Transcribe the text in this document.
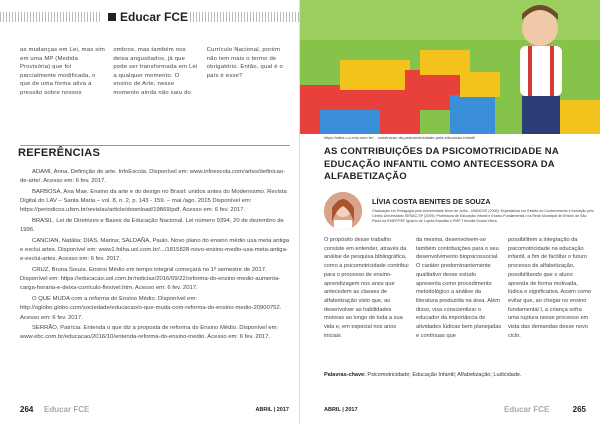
Educar FCE
as mudanças em Lei, mas sim em uma MP (Medida Provisória) que foi parcialmente modificada, o que de uma forma ativa a pressão sobre nossos
ombros, mas também nos deixa angustiados, já que pode ser transformada em Lei a qualquer momento. O ensino de Arte, nesse momento ainda não saiu do
Currículo Nacional, porém não tem mais o termo de obrigatório. Então, qual é o país é esse?
REFERÊNCIAS

ADAMI, Anna. Definição de arte. InfoEscola. Disponível em: www.infoescola.com/artes/definicao-de-arte/. Acesso em: 6 fev. 2017.

BARBOSA, Ana Mae. Ensino da arte e do design no Brasil: unidos antes do Modernismo. Revista Digital do LAV – Santa Maria – vol. 8, n. 2, p. 143 - 159. – mai./ago. 2015 Disponível em: https://periodicos.ufsm.br/revislav/article/download/19869/pdf. Acesso em: 6 fev. 2017.

BRASIL. Lei de Diretrizes e Bases da Educação Nacional. Lei número 9394, 20 de dezembro de 1996.

CANCIAN, Natália; DIAS, Marina; SALDAÑA, Paulo. Novo plano do ensino médio usa meta antiga e exclui artes. Disponível em: www1.folha.uol.com.br/.../1815828-novo-ensino-medio-usa-meta-antiga-e-exclui-artes. Acesso em: 6 fev. 2017.

CRUZ, Bruna Souza. Ensino Médio em tempo integral começará no 1º semestre de 2017. Disponível em: https://educacao.uol.com.br/noticias/2016/09/22/reforma-do-ensino-medio-aumenta-carga-horaria-e-deixa-curriculo-flexivel.htm. Acesso em: 6 fev. 2017.

O QUE MUDA com a reforma do Ensino Médio. Disponível em: http://oglobo.globo.com/sociedade/educacao/o-que-muda-com-reforma-do-ensino-medio-20900752. Acesso em: 6 fev. 2017.

SERRÃO, Patrícia. Entenda o que diz a proposta de reforma do Ensino Médio. Disponível em: www.ebc.com.br/educacao/2016/10/entenda-reforma-do-ensino-medio. Acesso em: 6 fev. 2017.

264 Educar FCE	ABRIL | 2017
https://sites.u-o.edu.com.br/... construcao-da-psicomotricidade-pela-educacao-infantil
AS CONTRIBUIÇÕES DA PSICOMOTRICIDADE NA EDUCAÇÃO INFANTIL COMO ANTECESSORA DA ALFABETIZAÇÃO
LÍVIA COSTA BENITES DE SOUZA
Graduação em Pedagogia pela Universidade Nove de Julho - UNINOVE (2006); Especialista em Gestão do Conhecimento e Inovação pelo Centro Universitário SENAC-SP (2009); Professora de Educação Infantil e Ensino Fundamental I na Rede Municipal de Ensino de São Paulo na EMEF/PEF Ignácio de Loyola Brandão e PMP Theonila Souza Vieira.
O propósito desse trabalho consiste em entender, através da análise de pesquisa bibliográfica, como a psicomotricidade contribui para o processo de ensino-aprendizagem nos anos que antecedem as classes de alfabetização visto que, ao desenvolver as habilidades motoras ao longo de toda a sua vida e, em especial nos anos iniciais
da mesma, desenvolvem-se também contribuições para o seu desenvolvimento biopsicossocial. O caráter predominantemente qualitativo desse estudo apresenta como procedimento metodológico a análise da literatura produzida na área. Além disso, visa conscientizar o educador da importância de atividades lúdicas bem planejadas e contínuas que
possibilitem a integração da psicomotricidade na educação infantil, a fim de facilitar o futuro processo de alfabetização, possibilitando que o aluno aprenda de forma motivada, lúdica e significativa. Assim como evitar que, ao chegar no ensino fundamental I, a criança sofra uma ruptura nesse processo em vista das demandas desse novo ciclo.
Palavras-chave: Psicomotricidade; Educação Infantil; Alfabetização; Ludicidade.
ABRIL | 2017	Educar FCE	265
